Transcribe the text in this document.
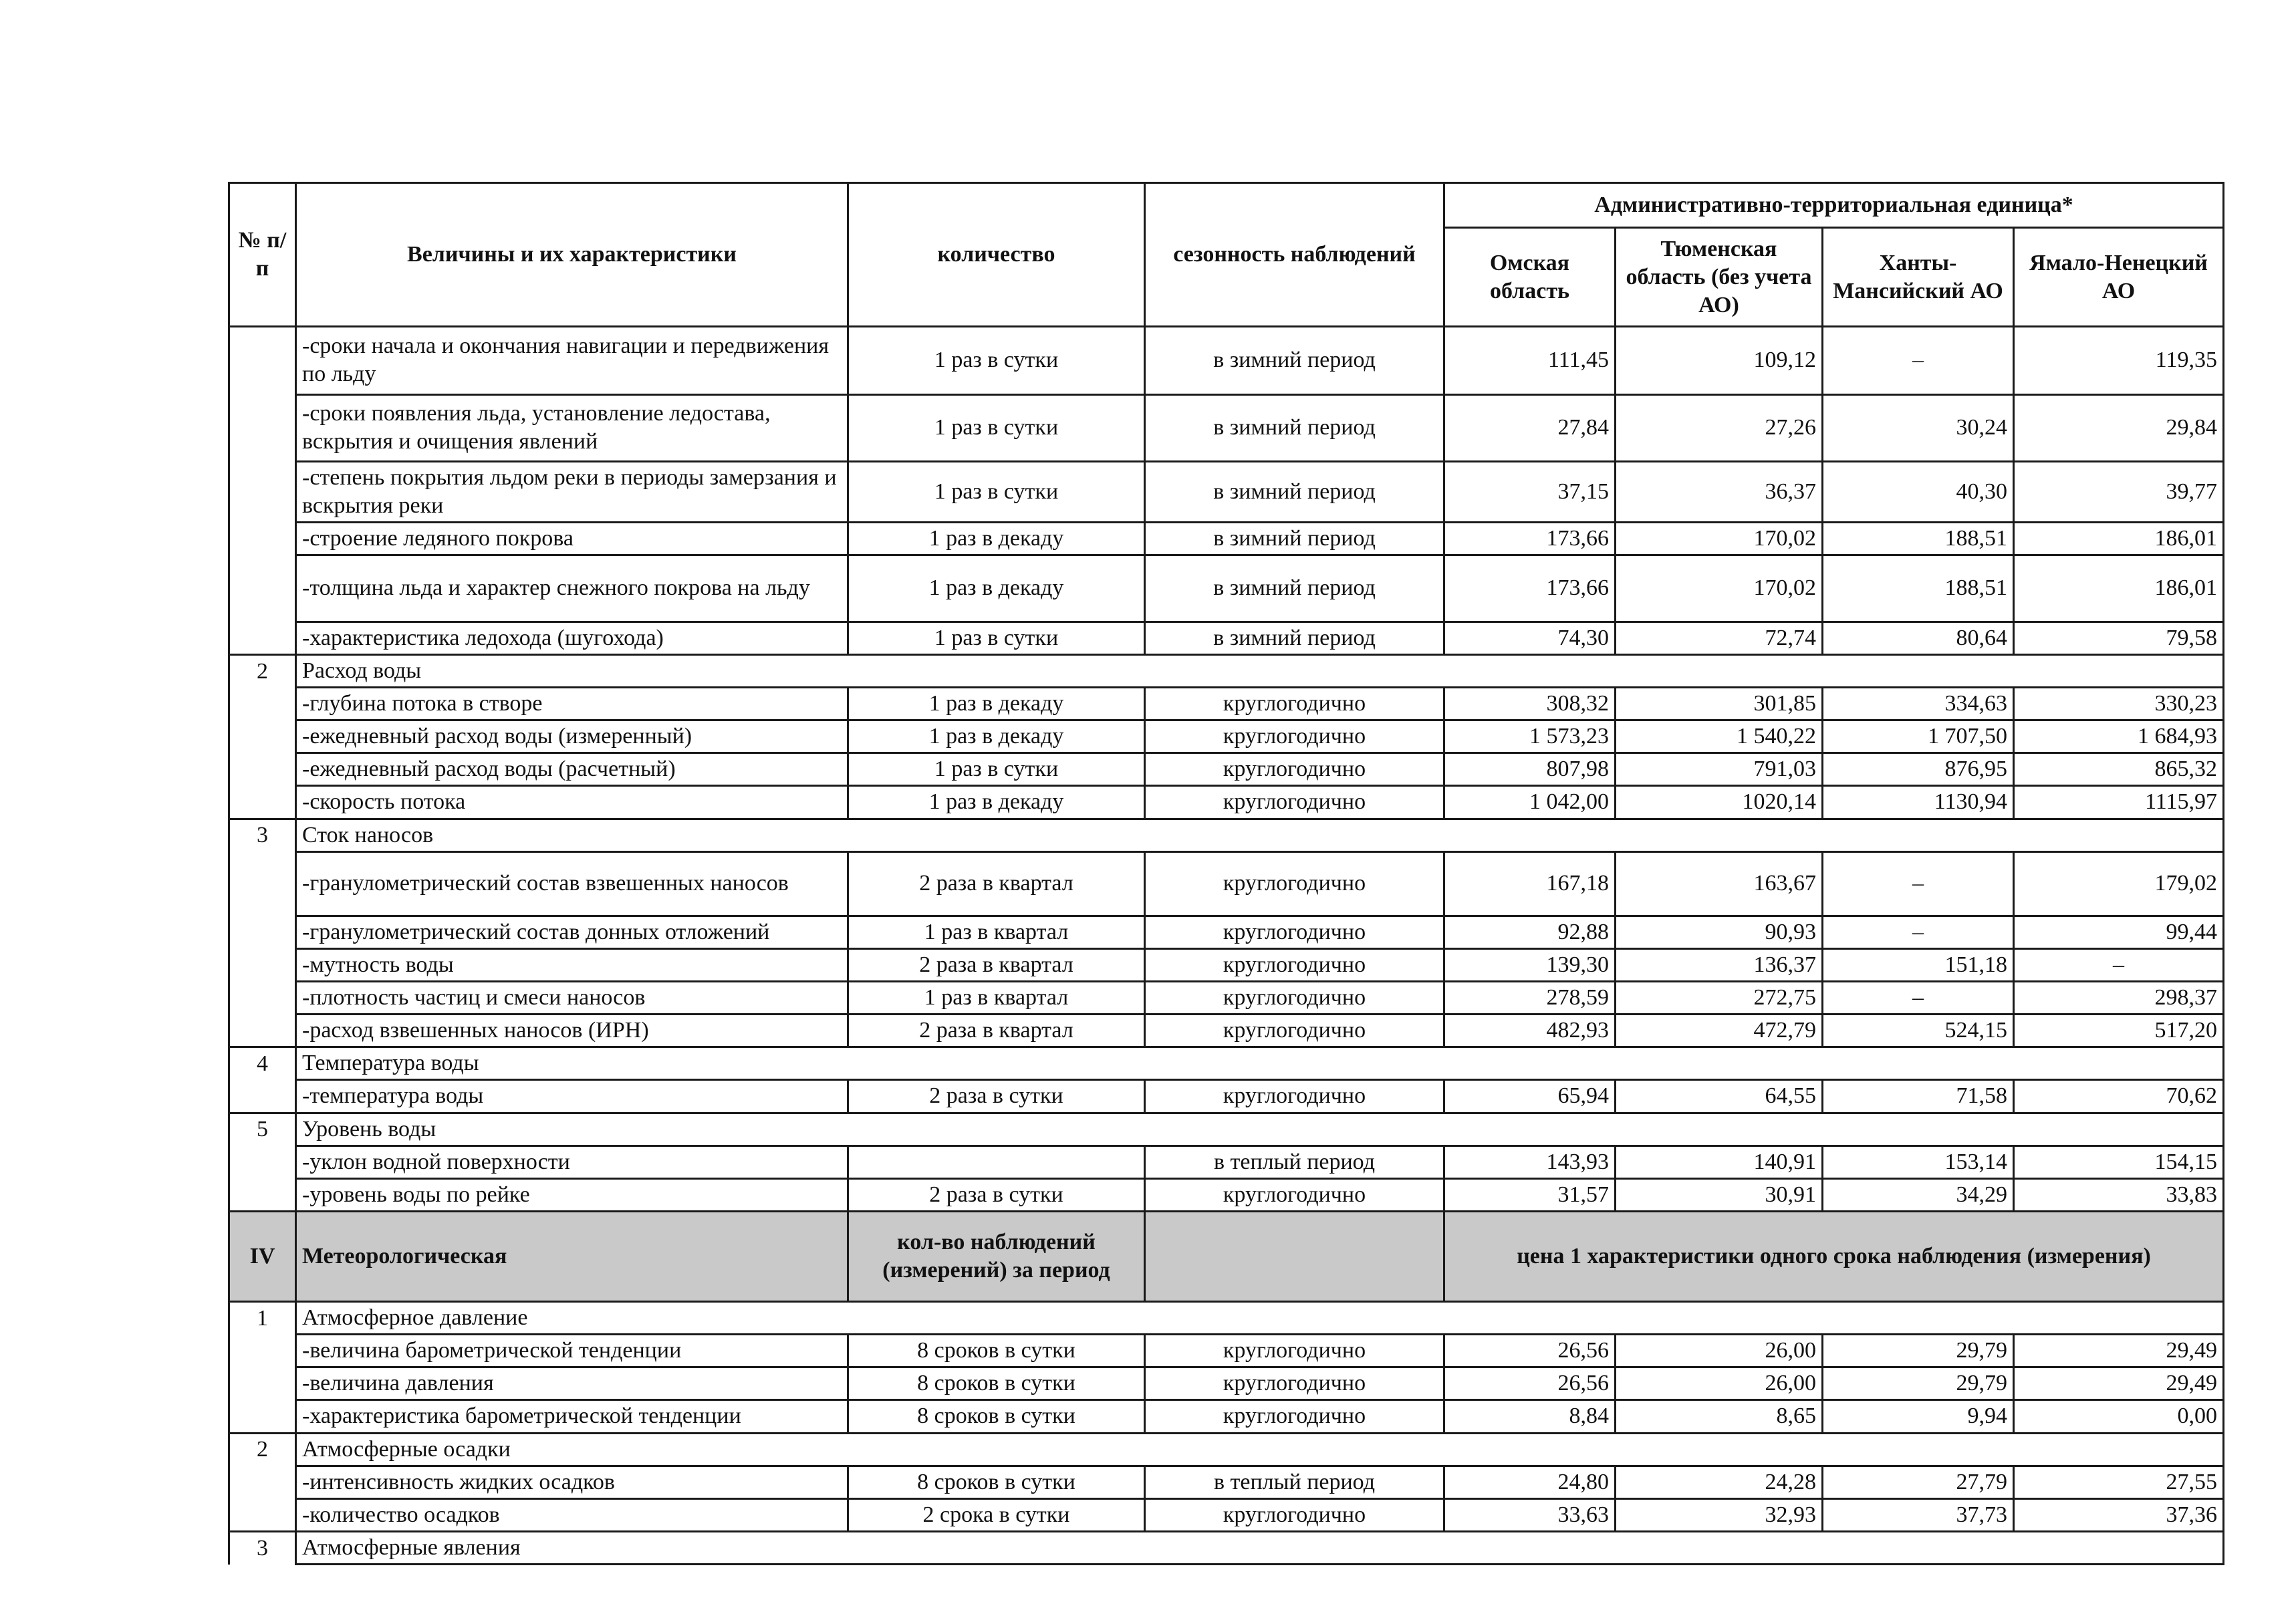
№ п/п	Величины и их характеристики	количество	сезонность наблюдений	Административно-территориальная единица*			
				Омская область	Тюменская область (без учета АО)	Ханты-Мансийский АО	Ямало-Ненецкий АО
	-сроки начала и окончания навигации и передвижения по льду	1 раз в сутки	в зимний период	111,45	109,12	–	119,35
	-сроки появления льда, установление ледостава, вскрытия и очищения явлений	1 раз в сутки	в зимний период	27,84	27,26	30,24	29,84
	-степень покрытия льдом реки в периоды замерзания и вскрытия реки	1 раз в сутки	в зимний период	37,15	36,37	40,30	39,77
	-строение ледяного покрова	1 раз в декаду	в зимний период	173,66	170,02	188,51	186,01
	-толщина льда и характер снежного покрова на льду	1 раз в декаду	в зимний период	173,66	170,02	188,51	186,01
	-характеристика ледохода (шугохода)	1 раз в сутки	в зимний период	74,30	72,74	80,64	79,58
2	Расход воды						
	-глубина потока в створе	1 раз в декаду	круглогодично	308,32	301,85	334,63	330,23
	-ежедневный расход воды (измеренный)	1 раз в декаду	круглогодично	1 573,23	1 540,22	1 707,50	1 684,93
	-ежедневный расход воды (расчетный)	1 раз в сутки	круглогодично	807,98	791,03	876,95	865,32
	-скорость потока	1 раз в декаду	круглогодично	1 042,00	1020,14	1130,94	1115,97
3	Сток наносов						
	-гранулометрический состав взвешенных наносов	2 раза в квартал	круглогодично	167,18	163,67	–	179,02
	-гранулометрический состав донных отложений	1 раз в квартал	круглогодично	92,88	90,93	–	99,44
	-мутность воды	2 раза в квартал	круглогодично	139,30	136,37	151,18	–
	-плотность частиц и смеси наносов	1 раз в квартал	круглогодично	278,59	272,75	–	298,37
	-расход взвешенных наносов (ИРН)	2 раза в квартал	круглогодично	482,93	472,79	524,15	517,20
4	Температура воды						
	-температура воды	2 раза в сутки	круглогодично	65,94	64,55	71,58	70,62
5	Уровень воды						
	-уклон водной поверхности		в теплый период	143,93	140,91	153,14	154,15
	-уровень воды по рейке	2 раза в сутки	круглогодично	31,57	30,91	34,29	33,83
IV	Метеорологическая	кол-во наблюдений (измерений) за период		цена 1 характеристики одного срока наблюдения (измерения)			
1	Атмосферное давление						
	-величина барометрической тенденции	8 сроков в сутки	круглогодично	26,56	26,00	29,79	29,49
	-величина давления	8 сроков в сутки	круглогодично	26,56	26,00	29,79	29,49
	-характеристика барометрической тенденции	8 сроков в сутки	круглогодично	8,84	8,65	9,94	0,00
2	Атмосферные осадки						
	-интенсивность жидких осадков	8 сроков в сутки	в теплый период	24,80	24,28	27,79	27,55
	-количество осадков	2 срока в сутки	круглогодично	33,63	32,93	37,73	37,36
3	Атмосферные явления						
